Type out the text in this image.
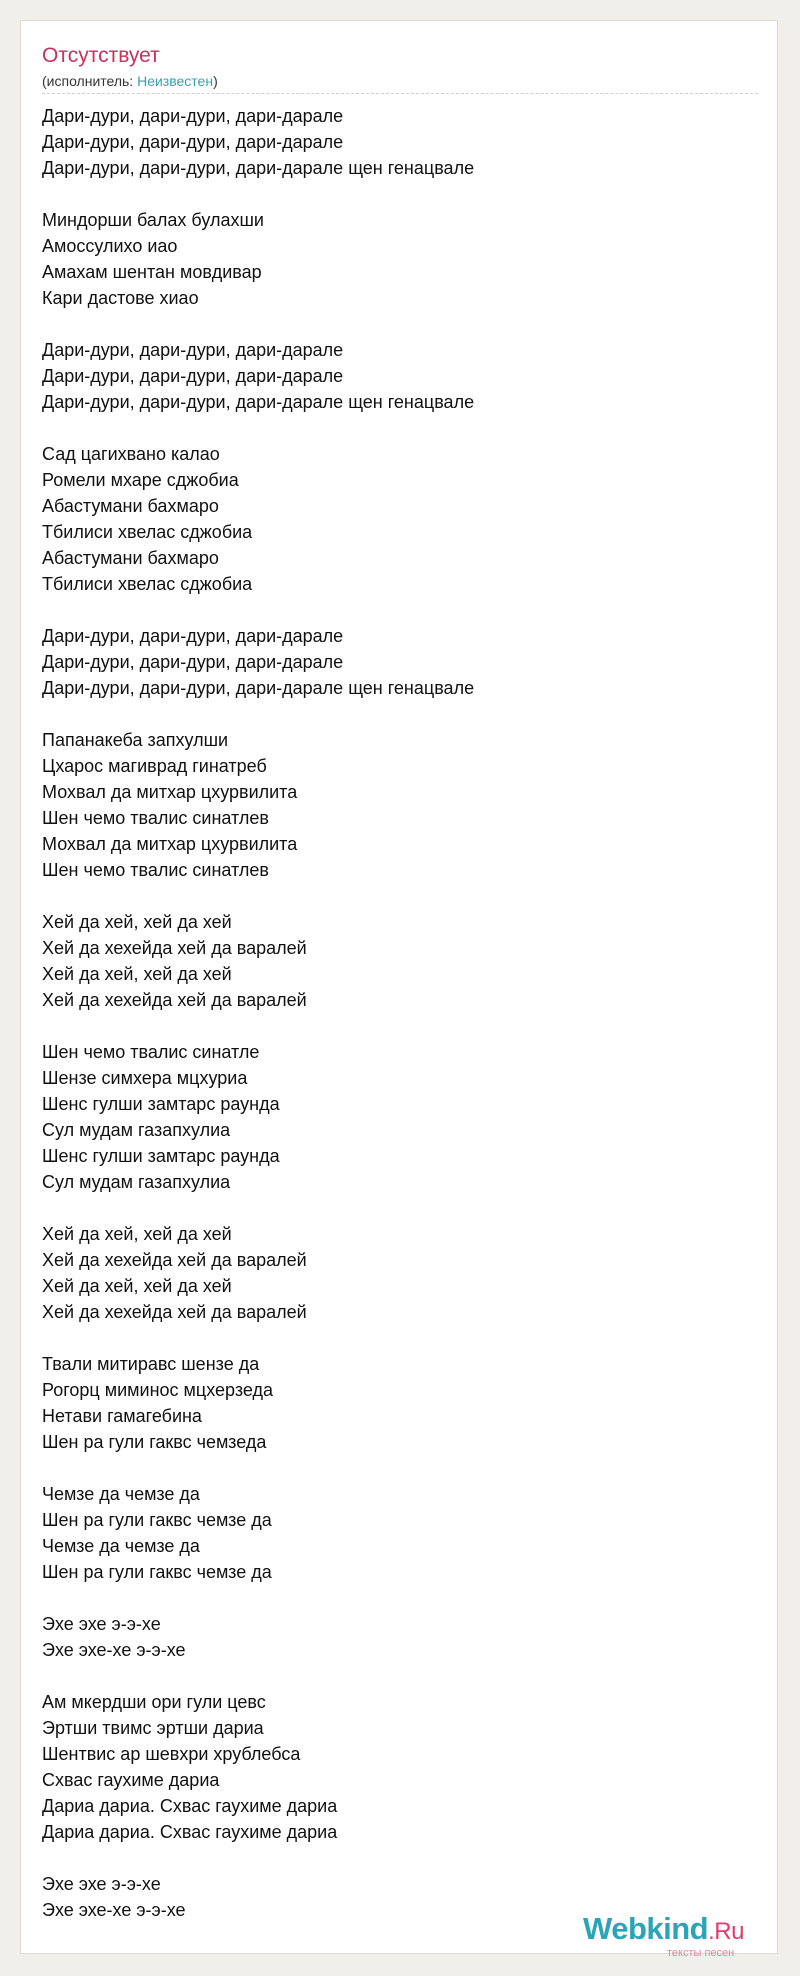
Отсутствует
(исполнитель: Неизвестен)
Дари-дури, дари-дури, дари-дарале
Дари-дури, дари-дури, дари-дарале
Дари-дури, дари-дури, дари-дарале щен генацвале
Миндорши балах булахши
Амоссулихо иао
Амахам шентан мовдивар
Кари дастове хиао
Дари-дури, дари-дури, дари-дарале
Дари-дури, дари-дури, дари-дарале
Дари-дури, дари-дури, дари-дарале щен генацвале
Сад цагихвано калао
Ромели мхаре сджобиа
Абастумани бахмаро
Тбилиси хвелас сджобиа
Абастумани бахмаро
Тбилиси хвелас сджобиа
Дари-дури, дари-дури, дари-дарале
Дари-дури, дари-дури, дари-дарале
Дари-дури, дари-дури, дари-дарале щен генацвале
Папанакеба запхулши
Цхарос магиврад гинатреб
Мохвал да митхар цхурвилита
Шен чемо твалис синатлев
Мохвал да митхар цхурвилита
Шен чемо твалис синатлев
Хей да хей, хей да хей
Хей да хехейда хей да варалей
Хей да хей, хей да хей
Хей да хехейда хей да варалей
Шен чемо твалис синатле
Шензе симхера мцхуриа
Шенс гулши замтарс раунда
Сул мудам газапхулиа
Шенс гулши замтарс раунда
Сул мудам газапхулиа
Хей да хей, хей да хей
Хей да хехейда хей да варалей
Хей да хей, хей да хей
Хей да хехейда хей да варалей
Твали митиравс шензе да
Рогорц миминос мцхерзеда
Нетави гамагебина
Шен ра гули гаквс чемзеда
Чемзе да чемзе да
Шен ра гули гаквс чемзе да
Чемзе да чемзе да
Шен ра гули гаквс чемзе да
Эхе эхе э-э-хе
Эхе эхе-хе э-э-хе
Ам мкердши ори гули цевс
Эртши твимс эртши дариа
Шентвис ар шевхри хрублебса
Схвас гаухиме дариа
Дариа дариа. Схвас гаухиме дариа
Дариа дариа. Схвас гаухиме дариа
Эхе эхе э-э-хе
Эхе эхе-хе э-э-хе
Webkind.Ru
тексты песен
